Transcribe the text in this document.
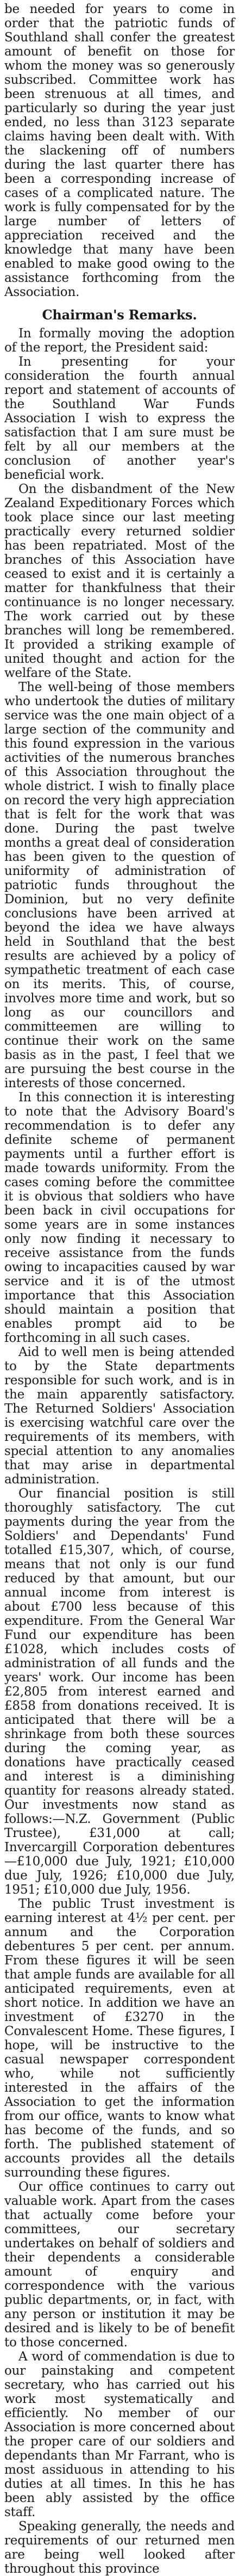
be needed for years to come in order that the patriotic funds of Southland shall confer the greatest amount of benefit on those for whom the money was so generously subscribed. Committee work has been strenuous at all times, and particularly so during the year just ended, no less than 3123 separate claims having been dealt with. With the slackening off of numbers during the last quarter there has been a corresponding increase of cases of a complicated nature. The work is fully compensated for by the large number of letters of appreciation received and the knowledge that many have been enabled to make good owing to the assistance forthcoming from the Association.

Chairman's Remarks.

In formally moving the adoption of the report, the President said:

In presenting for your consideration the fourth annual report and statement of accounts of the Southland War Funds Association I wish to express the satisfaction that I am sure must be felt by all our members at the conclusion of another year's beneficial work.

On the disbandment of the New Zealand Expeditionary Forces which took place since our last meeting practically every returned soldier has been repatriated. Most of the branches of this Association have ceased to exist and it is certainly a matter for thankfulness that their continuance is no longer necessary. The work carried out by these branches will long be remembered. It provided a striking example of united thought and action for the welfare of the State.

The well-being of those members who undertook the duties of military service was the one main object of a large section of the community and this found expression in the various activities of the numerous branches of this Association throughout the whole district. I wish to finally place on record the very high appreciation that is felt for the work that was done. During the past twelve months a great deal of consideration has been given to the question of uniformity of administration of patriotic funds throughout the Dominion, but no very definite conclusions have been arrived at beyond the idea we have always held in Southland that the best results are achieved by a policy of sympathetic treatment of each case on its merits. This, of course, involves more time and work, but so long as our councillors and committeemen are willing to continue their work on the same basis as in the past, I feel that we are pursuing the best course in the interests of those concerned.

In this connection it is interesting to note that the Advisory Board's recommendation is to defer any definite scheme of permanent payments until a further effort is made towards uniformity. From the cases coming before the committee it is obvious that soldiers who have been back in civil occupations for some years are in some instances only now finding it necessary to receive assistance from the funds owing to incapacities caused by war service and it is of the utmost importance that this Association should maintain a position that enables prompt aid to be forthcoming in all such cases.

Aid to well men is being attended to by the State departments responsible for such work, and is in the main apparently satisfactory. The Returned Soldiers' Association is exercising watchful care over the requirements of its members, with special attention to any anomalies that may arise in departmental administration.

Our financial position is still thoroughly satisfactory. The cut payments during the year from the Soldiers' and Dependants' Fund totalled £15,307, which, of course, means that not only is our fund reduced by that amount, but our annual income from interest is about £700 less because of this expenditure. From the General War Fund our expenditure has been £1028, which includes costs of administration of all funds and the years' work. Our income has been £2,805 from interest earned and £858 from donations received. It is anticipated that there will be a shrinkage from both these sources during the coming year, as donations have practically ceased and interest is a diminishing quantity for reasons already stated. Our investments now stand as follows:—N.Z. Government (Public Trustee), £31,000 at call; Invercargill Corporation debentures—£10,000 due July, 1921; £10,000 due July, 1926; £10,000 due July, 1951; £10,000 due July, 1956.

The public Trust investment is earning interest at 4½ per cent. per annum and the Corporation debentures 5 per cent. per annum. From these figures it will be seen that ample funds are available for all anticipated requirements, even at short notice. In addition we have an investment of £3270 in the Convalescent Home. These figures, I hope, will be instructive to the casual newspaper correspondent who, while not sufficiently interested in the affairs of the Association to get the information from our office, wants to know what has become of the funds, and so forth. The published statement of accounts provides all the details surrounding these figures.

Our office continues to carry out valuable work. Apart from the cases that actually come before your committees, our secretary undertakes on behalf of soldiers and their dependents a considerable amount of enquiry and correspondence with the various public departments, or, in fact, with any person or institution it may be desired and is likely to be of benefit to those concerned.

A word of commendation is due to our painstaking and competent secretary, who has carried out his work most systematically and efficiently. No member of our Association is more concerned about the proper care of our soldiers and dependants than Mr Farrant, who is most assiduous in attending to his duties at all times. In this he has been ably assisted by the office staff.

Speaking generally, the needs and requirements of our returned men are being well looked after throughout this province
